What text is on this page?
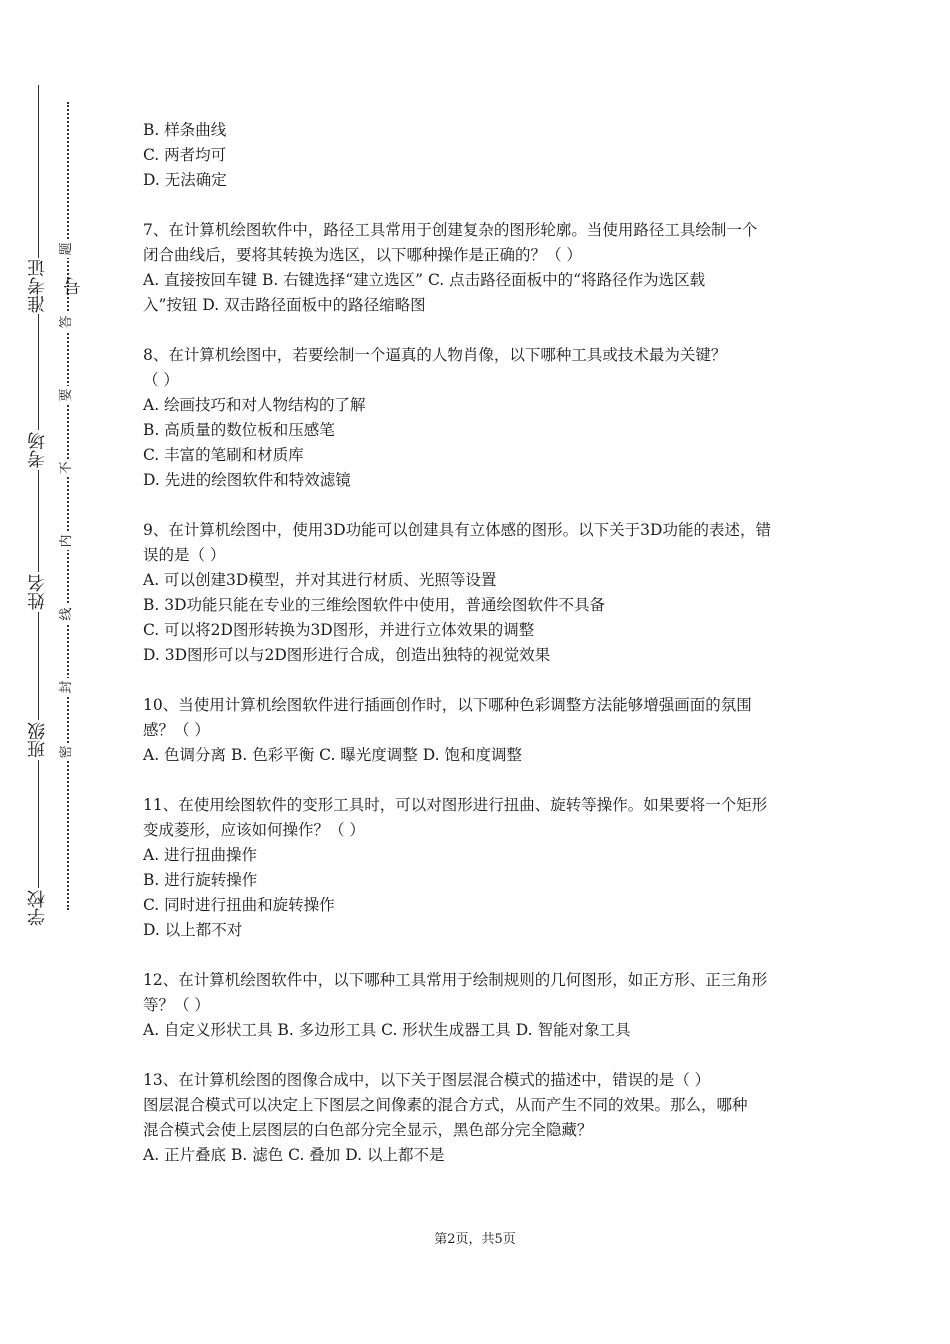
准考证号
考场
姓名
班级
学校
题
答
要
不
内
线
封
密

B. 样条曲线

C. 两者均可

D. 无法确定

7、在计算机绘图软件中，路径工具常用于创建复杂的图形轮廓。当使用路径工具绘制一个

闭合曲线后，要将其转换为选区，以下哪种操作是正确的？（ ）

A. 直接按回车键 B. 右键选择“建立选区” C. 点击路径面板中的“将路径作为选区载

入”按钮 D. 双击路径面板中的路径缩略图

8、在计算机绘图中，若要绘制一个逼真的人物肖像，以下哪种工具或技术最为关键？

（ ）

A. 绘画技巧和对人物结构的了解

B. 高质量的数位板和压感笔

C. 丰富的笔刷和材质库

D. 先进的绘图软件和特效滤镜

9、在计算机绘图中，使用3D功能可以创建具有立体感的图形。以下关于3D功能的表述，错

误的是（ ）

A. 可以创建3D模型，并对其进行材质、光照等设置

B. 3D功能只能在专业的三维绘图软件中使用，普通绘图软件不具备

C. 可以将2D图形转换为3D图形，并进行立体效果的调整

D. 3D图形可以与2D图形进行合成，创造出独特的视觉效果

10、当使用计算机绘图软件进行插画创作时，以下哪种色彩调整方法能够增强画面的氛围

感？（ ）

A. 色调分离 B. 色彩平衡 C. 曝光度调整 D. 饱和度调整

11、在使用绘图软件的变形工具时，可以对图形进行扭曲、旋转等操作。如果要将一个矩形

变成菱形，应该如何操作？（ ）

A. 进行扭曲操作

B. 进行旋转操作

C. 同时进行扭曲和旋转操作

D. 以上都不对

12、在计算机绘图软件中，以下哪种工具常用于绘制规则的几何图形，如正方形、正三角形

等？（ ）

A. 自定义形状工具 B. 多边形工具 C. 形状生成器工具 D. 智能对象工具

13、在计算机绘图的图像合成中，以下关于图层混合模式的描述中，错误的是（ ）

图层混合模式可以决定上下图层之间像素的混合方式，从而产生不同的效果。那么，哪种

混合模式会使上层图层的白色部分完全显示，黑色部分完全隐藏？

A. 正片叠底 B. 滤色 C. 叠加 D. 以上都不是

第2页，共5页
